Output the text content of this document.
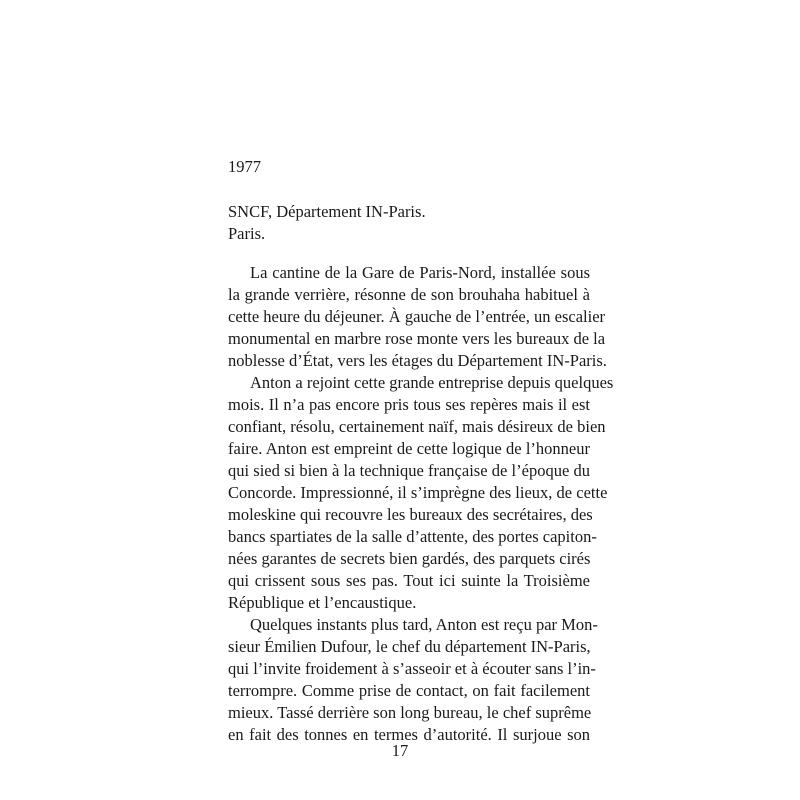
1977
SNCF, Département IN-Paris.
Paris.

La cantine de la Gare de Paris-Nord, installée sous
la grande verrière, résonne de son brouhaha habituel à
cette heure du déjeuner. À gauche de l’entrée, un escalier
monumental en marbre rose monte vers les bureaux de la
noblesse d’État, vers les étages du Département IN-Paris.

Anton a rejoint cette grande entreprise depuis quelques
mois. Il n’a pas encore pris tous ses repères mais il est
confiant, résolu, certainement naïf, mais désireux de bien
faire. Anton est empreint de cette logique de l’honneur
qui sied si bien à la technique française de l’époque du
Concorde. Impressionné, il s’imprègne des lieux, de cette
moleskine qui recouvre les bureaux des secrétaires, des
bancs spartiates de la salle d’attente, des portes capiton-
nées garantes de secrets bien gardés, des parquets cirés
qui crissent sous ses pas. Tout ici suinte la Troisième
République et l’encaustique.

Quelques instants plus tard, Anton est reçu par Mon-
sieur Émilien Dufour, le chef du département IN-Paris,
qui l’invite froidement à s’asseoir et à écouter sans l’in-
terrompre. Comme prise de contact, on fait facilement
mieux. Tassé derrière son long bureau, le chef suprême
en fait des tonnes en termes d’autorité. Il surjoue son

17
